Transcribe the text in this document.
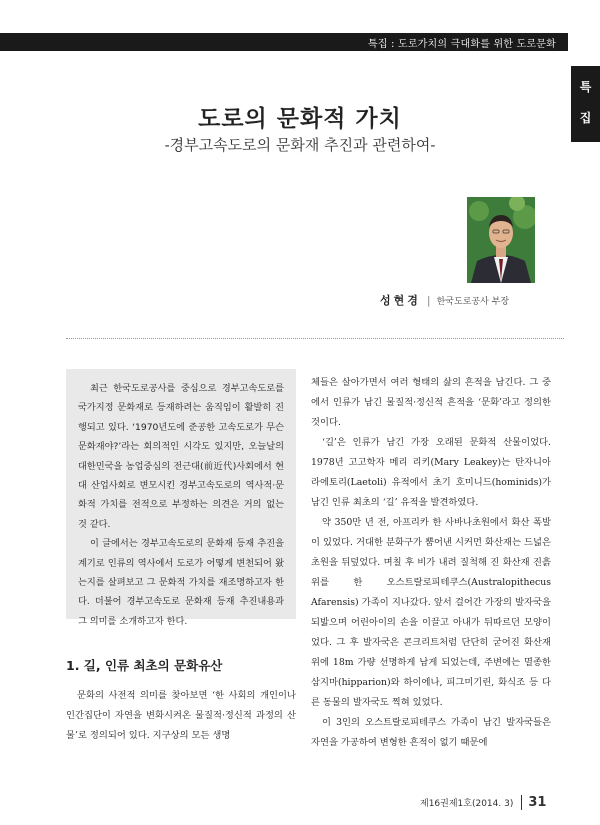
특집 : 도로가치의 극대화를 위한 도로문화
특
집
도로의 문화적 가치
-경부고속도로의 문화재 추진과 관련하여-
성현경 | 한국도로공사 부장

최근 한국도로공사를 중심으로 경부고속도로를 국가지정 문화재로 등재하려는 움직임이 활발히 진행되고 있다. ‘1970년도에 준공한 고속도로가 무슨 문화재야?’라는 회의적인 시각도 있지만, 오늘날의 대한민국을 농업중심의 전근대(前近代)사회에서 현대 산업사회로 변모시킨 경부고속도로의 역사적·문화적 가치를 전적으로 부정하는 의견은 거의 없는 것 같다.

이 글에서는 경부고속도로의 문화재 등재 추진을 계기로 인류의 역사에서 도로가 어떻게 변천되어 왔는지를 살펴보고 그 문화적 가치를 재조명하고자 한다. 더불어 경부고속도로 문화재 등재 추진내용과 그 의미를 소개하고자 한다.

1. 길, 인류 최초의 문화유산

문화의 사전적 의미를 찾아보면 ‘한 사회의 개인이나 인간집단이 자연을 변화시켜온 물질적·정신적 과정의 산물’로 정의되어 있다. 지구상의 모든 생명

체들은 살아가면서 여러 형태의 삶의 흔적을 남긴다. 그 중에서 인류가 남긴 물질적·정신적 흔적을 ‘문화’라고 정의한 것이다.

‘길’은 인류가 남긴 가장 오래된 문화적 산물이었다. 1978년 고고학자 메리 리키(Mary Leakey)는 탄자니아 라에토리(Laetoli) 유적에서 초기 호미니드(hominids)가 남긴 인류 최초의 ‘길’ 유적을 발견하였다.

약 350만 년 전, 아프리카 한 사바나초원에서 화산 폭발이 있었다. 거대한 분화구가 뿜어낸 시커먼 화산재는 드넓은 초원을 뒤덮었다. 며칠 후 비가 내려 질척해 진 화산재 진흙 위를 한 오스트랄로피테쿠스(Australopithecus Afarensis) 가족이 지나갔다. 앞서 걸어간 가장의 발자국을 되밟으며 어린아이의 손을 이끌고 아내가 뒤따르던 모양이었다. 그 후 발자국은 콘크리트처럼 단단히 굳어진 화산재 위에 18m 가량 선명하게 남게 되었는데, 주변에는 멸종한 삼지마(hipparion)와 하이에나, 피그미기린, 화식조 등 다른 동물의 발자국도 찍혀 있었다.

이 3인의 오스트랄로피테쿠스 가족이 남긴 발자국들은 자연을 가공하여 변형한 흔적이 없기 때문에

제16권제1호(2014. 3) 31
